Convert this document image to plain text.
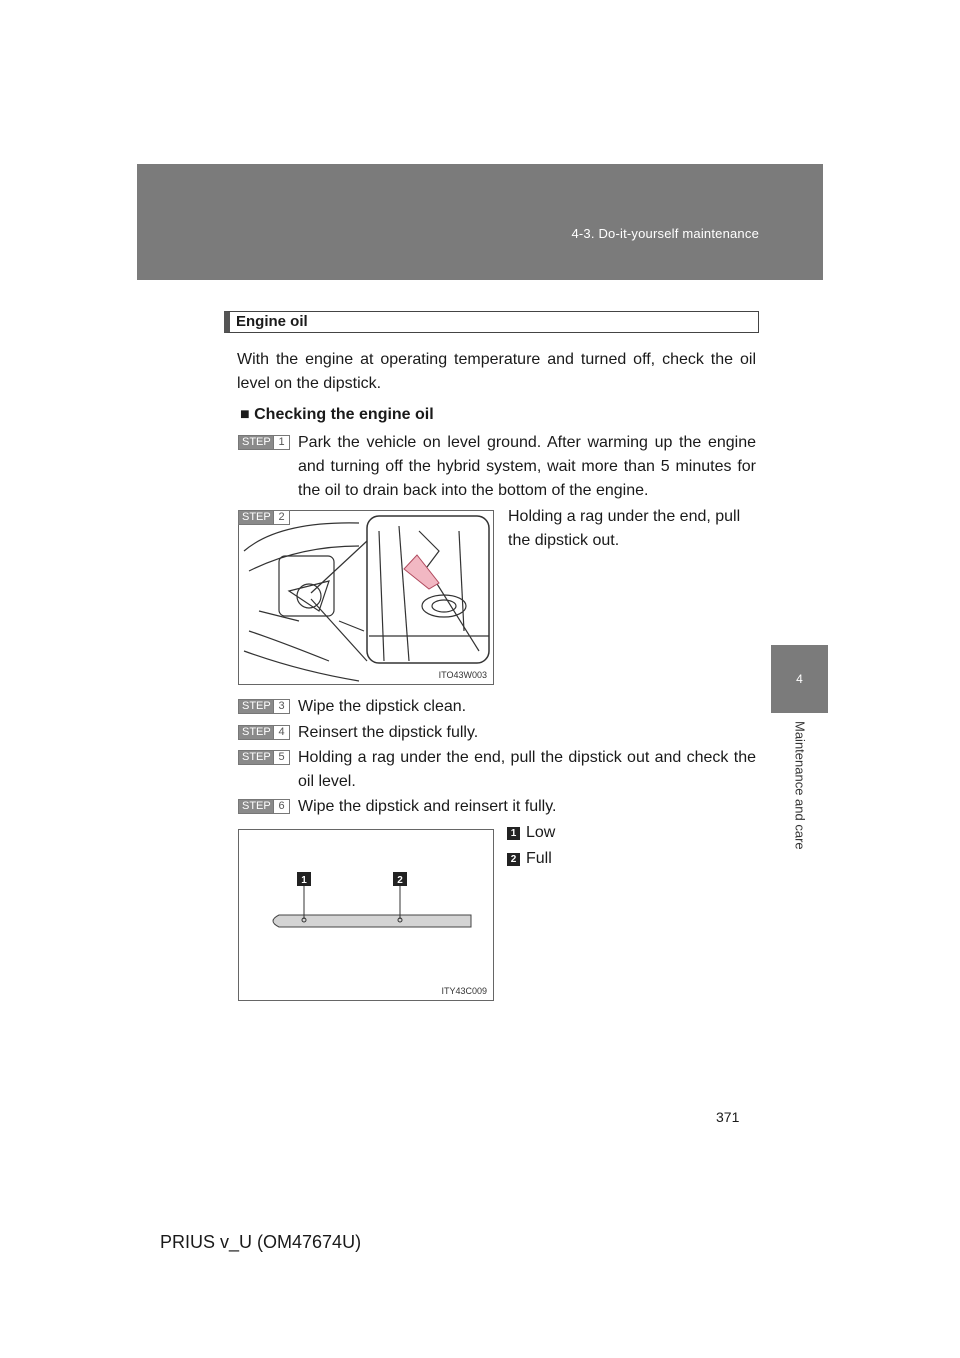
4-3. Do-it-yourself maintenance
4
Maintenance and care
Engine oil
With the engine at operating temperature and turned off, check the oil level on the dipstick.
■ Checking the engine oil
STEP 1 Park the vehicle on level ground. After warming up the engine and turning off the hybrid system, wait more than 5 minutes for the oil to drain back into the bottom of the engine.
ITO43W003
STEP 2	Holding a rag under the end, pull the dipstick out.
STEP 3 Wipe the dipstick clean.
STEP 4 Reinsert the dipstick fully.
STEP 5 Holding a rag under the end, pull the dipstick out and check the oil level.
STEP 6 Wipe the dipstick and reinsert it fully.
1	2
ITY43C009
1 Low
2 Full
371
PRIUS v_U (OM47674U)
